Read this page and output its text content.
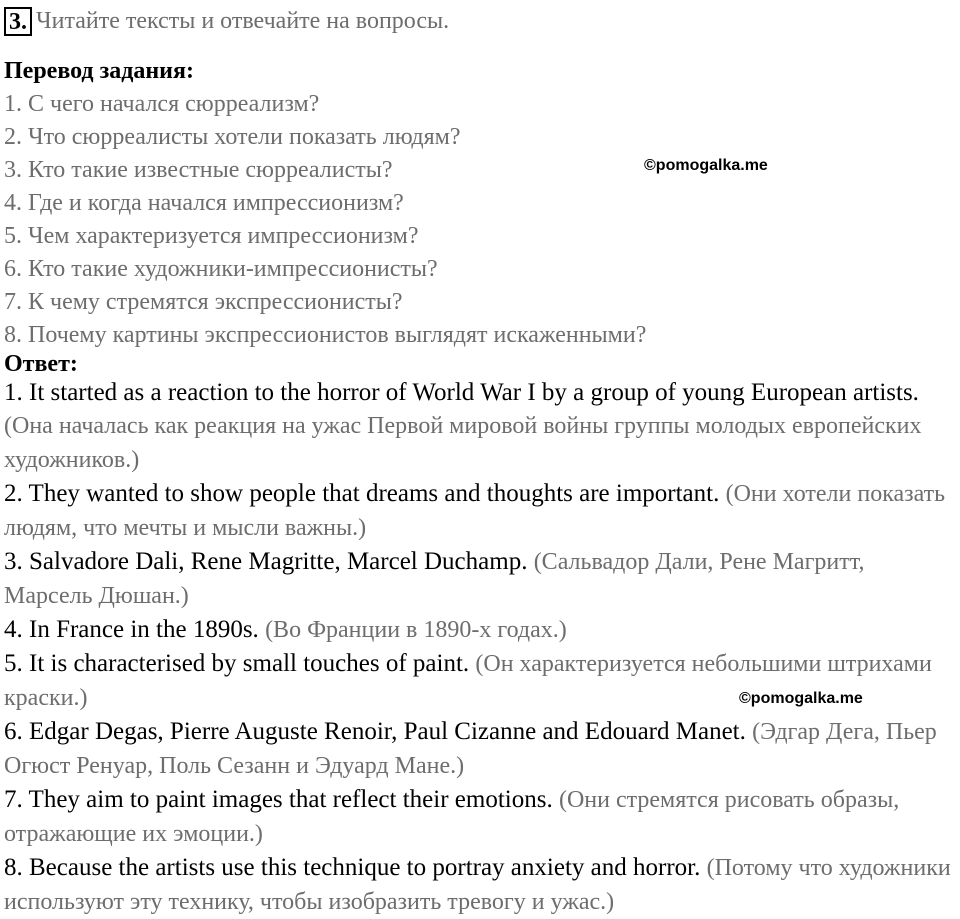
3. Читайте тексты и отвечайте на вопросы.
Перевод задания:
1. С чего начался сюрреализм?
2. Что сюрреалисты хотели показать людям?
3. Кто такие известные сюрреалисты?
4. Где и когда начался импрессионизм?
5. Чем характеризуется импрессионизм?
6. Кто такие художники-импрессионисты?
7. К чему стремятся экспрессионисты?
8. Почему картины экспрессионистов выглядят искаженными?
Ответ:
1. It started as a reaction to the horror of World War I by a group of young European artists. (Она началась как реакция на ужас Первой мировой войны группы молодых европейских художников.)
2. They wanted to show people that dreams and thoughts are important. (Они хотели показать людям, что мечты и мысли важны.)
3. Salvadore Dali, Rene Magritte, Marcel Duchamp. (Сальвадор Дали, Рене Магритт, Марсель Дюшан.)
4. In France in the 1890s. (Во Франции в 1890-х годах.)
5. It is characterised by small touches of paint. (Он характеризуется небольшими штрихами краски.)
6. Edgar Degas, Pierre Auguste Renoir, Paul Cizanne and Edouard Manet. (Эдгар Дега, Пьер Огюст Ренуар, Поль Сезанн и Эдуард Мане.)
7. They aim to paint images that reflect their emotions. (Они стремятся рисовать образы, отражающие их эмоции.)
8. Because the artists use this technique to portray anxiety and horror. (Потому что художники используют эту технику, чтобы изобразить тревогу и ужас.)
©pomogalka.me
©pomogalka.me
